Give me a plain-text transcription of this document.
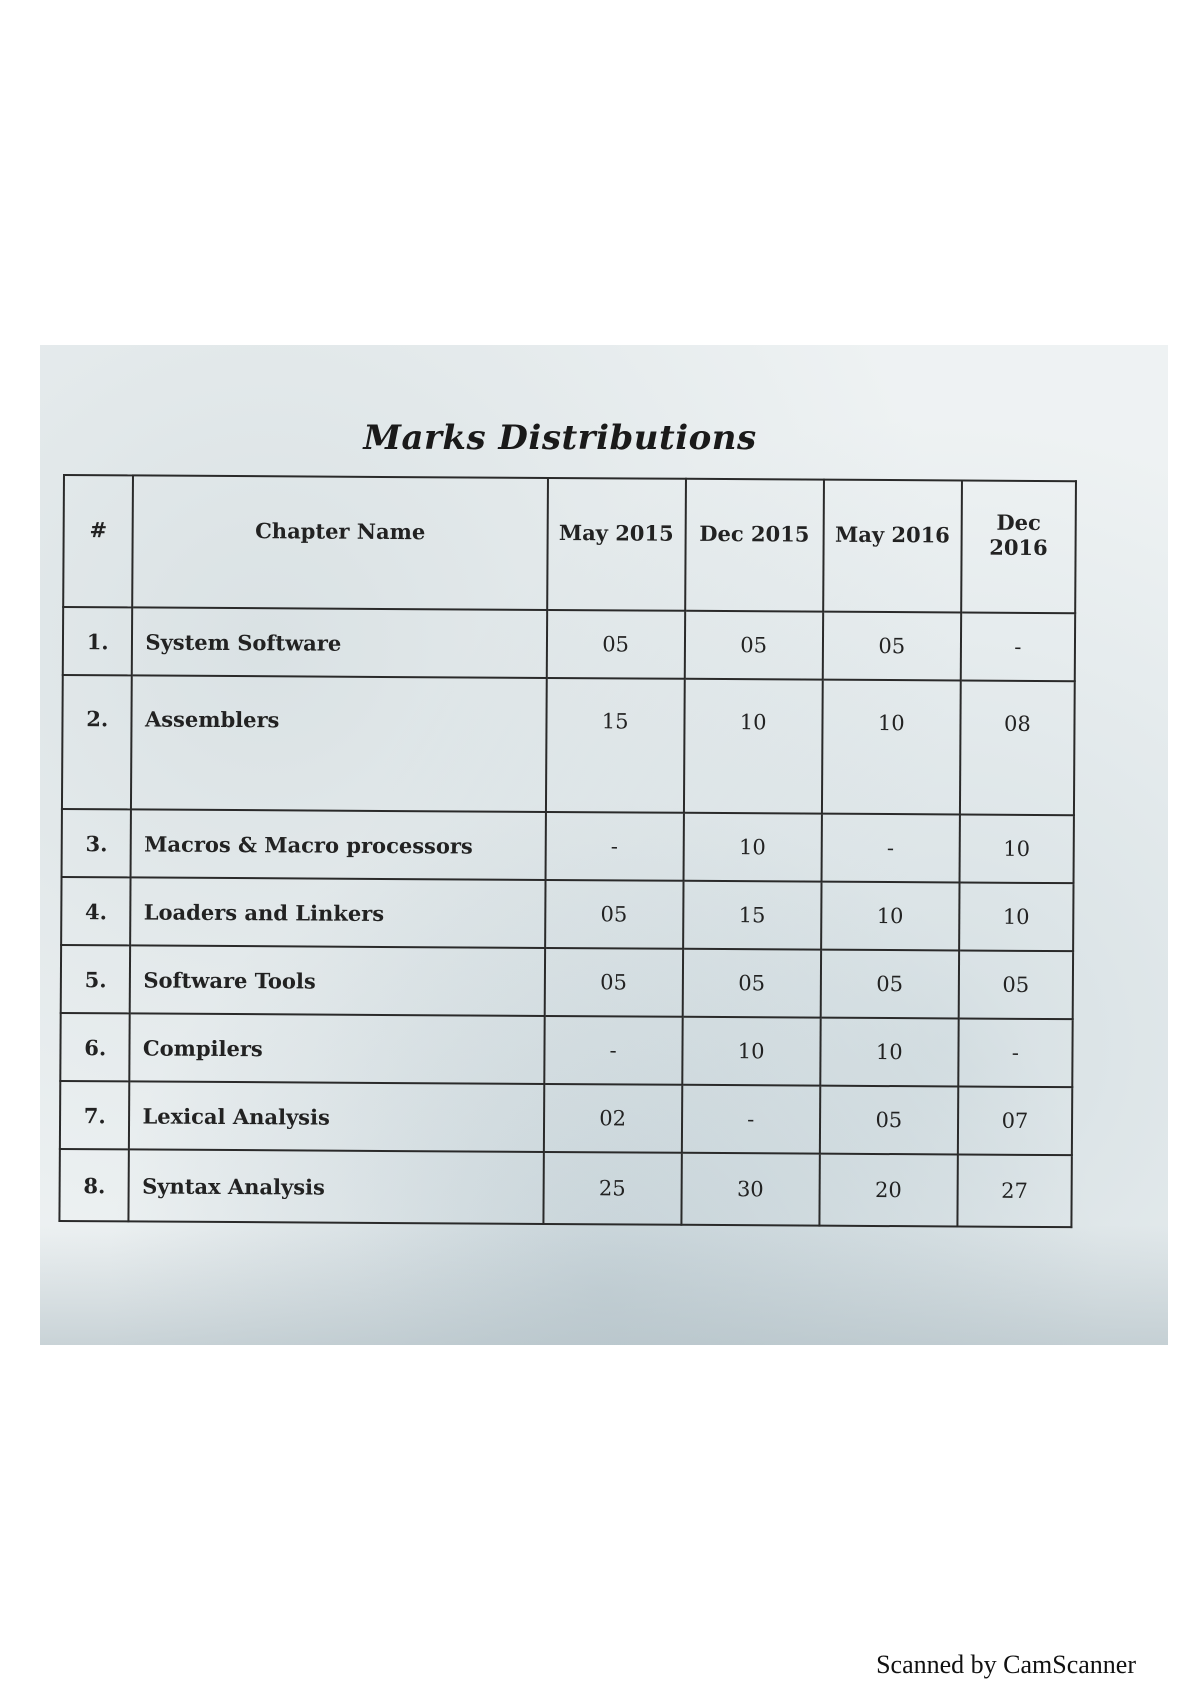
Marks Distributions
#	Chapter Name	May 2015	Dec 2015	May 2016	Dec 2016
1.	System Software	05	05	05	-
2.	Assemblers	15	10	10	08
3.	Macros & Macro processors	-	10	-	10
4.	Loaders and Linkers	05	15	10	10
5.	Software Tools	05	05	05	05
6.	Compilers	-	10	10	-
7.	Lexical Analysis	02	-	05	07
8.	Syntax Analysis	25	30	20	27
Scanned by CamScanner
